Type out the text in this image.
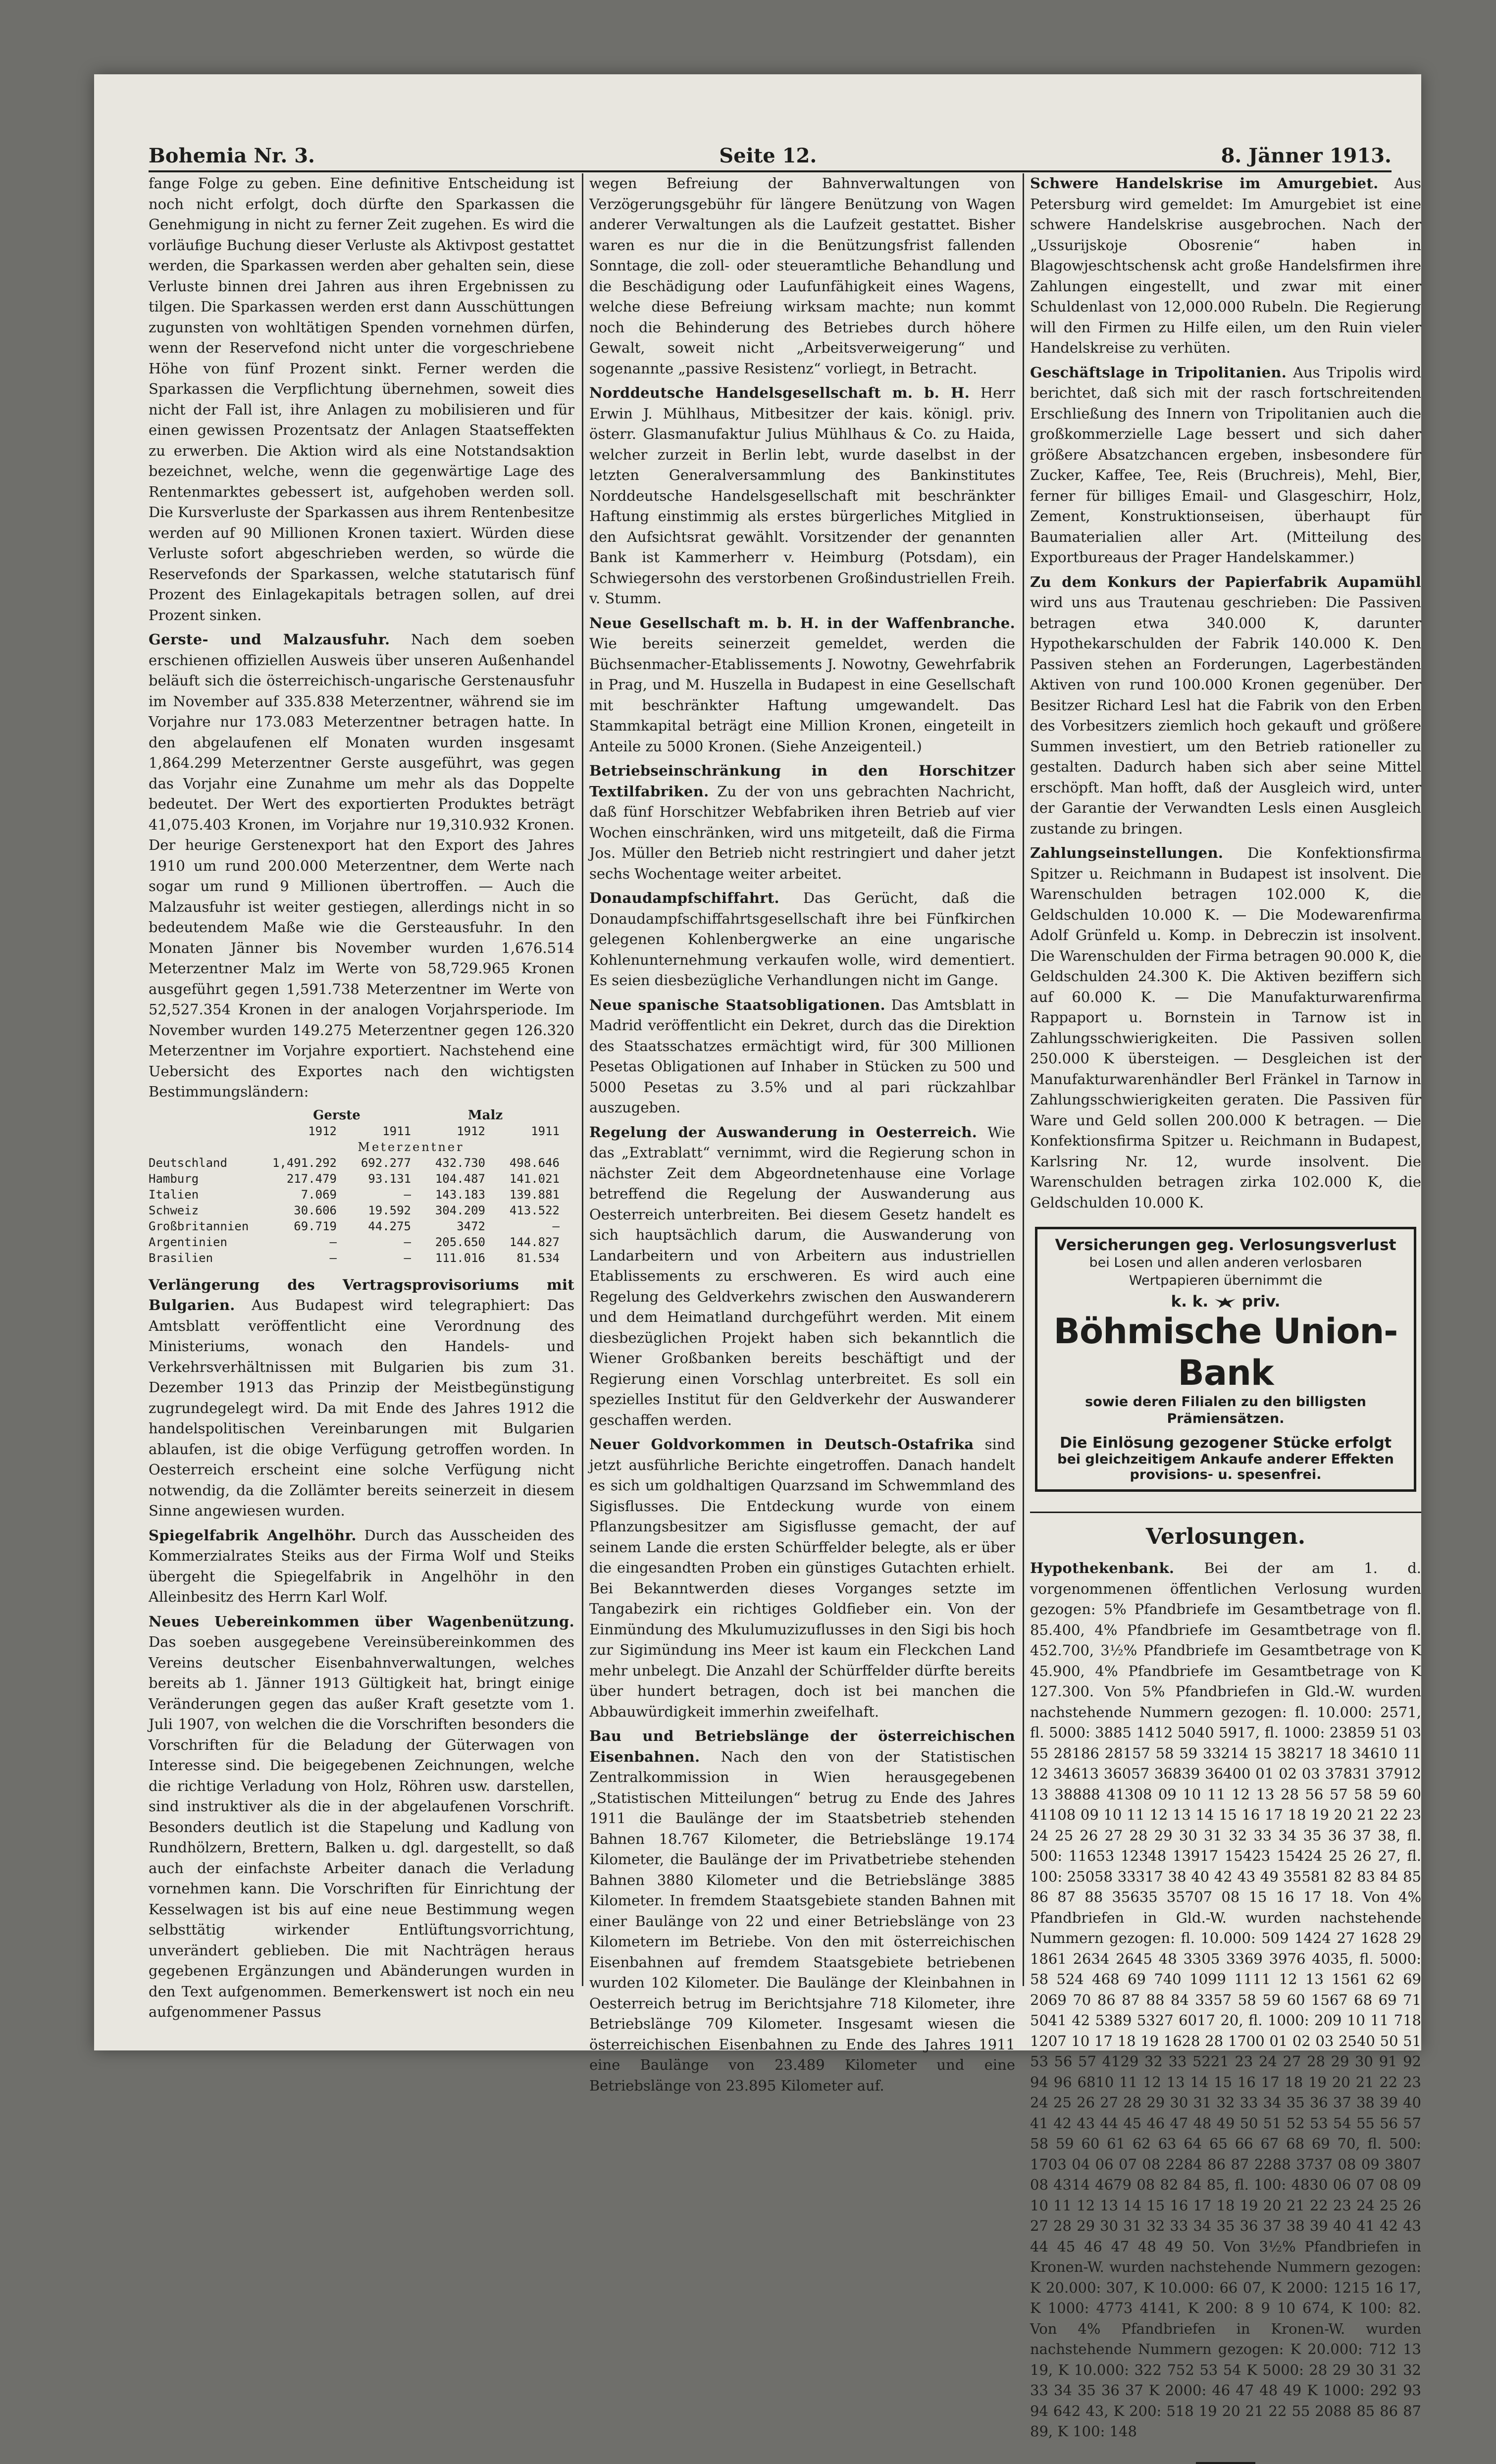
Bohemia Nr. 3.	Seite 12.	8. Jänner 1913.

fange Folge zu geben. Eine definitive Entscheidung ist noch nicht erfolgt, doch dürfte den Sparkassen die Genehmigung in nicht zu ferner Zeit zugehen. Es wird die vorläufige Buchung dieser Verluste als Aktivpost gestattet werden, die Sparkassen werden aber gehalten sein, diese Verluste binnen drei Jahren aus ihren Ergebnissen zu tilgen. Die Sparkassen werden erst dann Ausschüttungen zugunsten von wohltätigen Spenden vornehmen dürfen, wenn der Reservefond nicht unter die vorgeschriebene Höhe von fünf Prozent sinkt. Ferner werden die Sparkassen die Verpflichtung übernehmen, soweit dies nicht der Fall ist, ihre Anlagen zu mobilisieren und für einen gewissen Prozentsatz der Anlagen Staatseffekten zu erwerben. Die Aktion wird als eine Notstandsaktion bezeichnet, welche, wenn die gegenwärtige Lage des Rentenmarktes gebessert ist, aufgehoben werden soll. Die Kursverluste der Sparkassen aus ihrem Rentenbesitze werden auf 90 Millionen Kronen taxiert. Würden diese Verluste sofort abgeschrieben werden, so würde die Reservefonds der Sparkassen, welche statutarisch fünf Prozent des Einlagekapitals betragen sollen, auf drei Prozent sinken.

Gerste- und Malzausfuhr. Nach dem soeben erschienen offiziellen Ausweis über unseren Außenhandel beläuft sich die österreichisch-ungarische Gerstenausfuhr im November auf 335.838 Meterzentner, während sie im Vorjahre nur 173.083 Meterzentner betragen hatte. In den abgelaufenen elf Monaten wurden insgesamt 1,864.299 Meterzentner Gerste ausgeführt, was gegen das Vorjahr eine Zunahme um mehr als das Doppelte bedeutet. Der Wert des exportierten Produktes beträgt 41,075.403 Kronen, im Vorjahre nur 19,310.932 Kronen. Der heurige Gerstenexport hat den Export des Jahres 1910 um rund 200.000 Meterzentner, dem Werte nach sogar um rund 9 Millionen übertroffen. — Auch die Malzausfuhr ist weiter gestiegen, allerdings nicht in so bedeutendem Maße wie die Gersteausfuhr. In den Monaten Jänner bis November wurden 1,676.514 Meterzentner Malz im Werte von 58,729.965 Kronen ausgeführt gegen 1,591.738 Meterzentner im Werte von 52,527.354 Kronen in der analogen Vorjahrsperiode. Im November wurden 149.275 Meterzentner gegen 126.320 Meterzentner im Vorjahre exportiert. Nachstehend eine Uebersicht des Exportes nach den wichtigsten Bestimmungsländern:

Gerste	Malz
1912	1911	1912	1911
Meterzentner
Deutschland	1,491.292	692.277	432.730	498.646
Hamburg	217.479	93.131	104.487	141.021
Italien	7.069	—	143.183	139.881
Schweiz	30.606	19.592	304.209	413.522
Großbritannien	69.719	44.275	3472	—
Argentinien	—	—	205.650	144.827
Brasilien	—	—	111.016	81.534

Verlängerung des Vertragsprovisoriums mit Bulgarien. Aus Budapest wird telegraphiert: Das Amtsblatt veröffentlicht eine Verordnung des Ministeriums, wonach den Handels- und Verkehrsverhältnissen mit Bulgarien bis zum 31. Dezember 1913 das Prinzip der Meistbegünstigung zugrundegelegt wird. Da mit Ende des Jahres 1912 die handelspolitischen Vereinbarungen mit Bulgarien ablaufen, ist die obige Verfügung getroffen worden. In Oesterreich erscheint eine solche Verfügung nicht notwendig, da die Zollämter bereits seinerzeit in diesem Sinne angewiesen wurden.

Spiegelfabrik Angelhöhr. Durch das Ausscheiden des Kommerzialrates Steiks aus der Firma Wolf und Steiks übergeht die Spiegelfabrik in Angelhöhr in den Alleinbesitz des Herrn Karl Wolf.

Neues Uebereinkommen über Wagenbenützung. Das soeben ausgegebene Vereinsübereinkommen des Vereins deutscher Eisenbahnverwaltungen, welches bereits ab 1. Jänner 1913 Gültigkeit hat, bringt einige Veränderungen gegen das außer Kraft gesetzte vom 1. Juli 1907, von welchen die die Vorschriften besonders die Vorschriften für die Beladung der Güterwagen von Interesse sind. Die beigegebenen Zeichnungen, welche die richtige Verladung von Holz, Röhren usw. darstellen, sind instruktiver als die in der abgelaufenen Vorschrift. Besonders deutlich ist die Stapelung und Kadlung von Rundhölzern, Brettern, Balken u. dgl. dargestellt, so daß auch der einfachste Arbeiter danach die Verladung vornehmen kann. Die Vorschriften für Einrichtung der Kesselwagen ist bis auf eine neue Bestimmung wegen selbsttätig wirkender Entlüftungsvorrichtung, unverändert geblieben. Die mit Nachträgen heraus gegebenen Ergänzungen und Abänderungen wurden in den Text aufgenommen. Bemerkenswert ist noch ein neu aufgenommener Passus

wegen Befreiung der Bahnverwaltungen von Verzögerungsgebühr für längere Benützung von Wagen anderer Verwaltungen als die Laufzeit gestattet. Bisher waren es nur die in die Benützungsfrist fallenden Sonntage, die zoll- oder steueramtliche Behandlung und die Beschädigung oder Laufunfähigkeit eines Wagens, welche diese Befreiung wirksam machte; nun kommt noch die Behinderung des Betriebes durch höhere Gewalt, soweit nicht „Arbeitsverweigerung“ und sogenannte „passive Resistenz“ vorliegt, in Betracht.

Norddeutsche Handelsgesellschaft m. b. H. Herr Erwin J. Mühlhaus, Mitbesitzer der kais. königl. priv. österr. Glasmanufaktur Julius Mühlhaus & Co. zu Haida, welcher zurzeit in Berlin lebt, wurde daselbst in der letzten Generalversammlung des Bankinstitutes Norddeutsche Handelsgesellschaft mit beschränkter Haftung einstimmig als erstes bürgerliches Mitglied in den Aufsichtsrat gewählt. Vorsitzender der genannten Bank ist Kammerherr v. Heimburg (Potsdam), ein Schwiegersohn des verstorbenen Großindustriellen Freih. v. Stumm.

Neue Gesellschaft m. b. H. in der Waffenbranche. Wie bereits seinerzeit gemeldet, werden die Büchsenmacher-Etablissements J. Nowotny, Gewehrfabrik in Prag, und M. Huszella in Budapest in eine Gesellschaft mit beschränkter Haftung umgewandelt. Das Stammkapital beträgt eine Million Kronen, eingeteilt in Anteile zu 5000 Kronen. (Siehe Anzeigenteil.)

Betriebseinschränkung in den Horschitzer Textilfabriken. Zu der von uns gebrachten Nachricht, daß fünf Horschitzer Webfabriken ihren Betrieb auf vier Wochen einschränken, wird uns mitgeteilt, daß die Firma Jos. Müller den Betrieb nicht restringiert und daher jetzt sechs Wochentage weiter arbeitet.

Donaudampfschiffahrt. Das Gerücht, daß die Donaudampfschiffahrtsgesellschaft ihre bei Fünfkirchen gelegenen Kohlenbergwerke an eine ungarische Kohlenunternehmung verkaufen wolle, wird dementiert. Es seien diesbezügliche Verhandlungen nicht im Gange.

Neue spanische Staatsobligationen. Das Amtsblatt in Madrid veröffentlicht ein Dekret, durch das die Direktion des Staatsschatzes ermächtigt wird, für 300 Millionen Pesetas Obligationen auf Inhaber in Stücken zu 500 und 5000 Pesetas zu 3.5% und al pari rückzahlbar auszugeben.

Regelung der Auswanderung in Oesterreich. Wie das „Extrablatt“ vernimmt, wird die Regierung schon in nächster Zeit dem Abgeordnetenhause eine Vorlage betreffend die Regelung der Auswanderung aus Oesterreich unterbreiten. Bei diesem Gesetz handelt es sich hauptsächlich darum, die Auswanderung von Landarbeitern und von Arbeitern aus industriellen Etablissements zu erschweren. Es wird auch eine Regelung des Geldverkehrs zwischen den Auswanderern und dem Heimatland durchgeführt werden. Mit einem diesbezüglichen Projekt haben sich bekanntlich die Wiener Großbanken bereits beschäftigt und der Regierung einen Vorschlag unterbreitet. Es soll ein spezielles Institut für den Geldverkehr der Auswanderer geschaffen werden.

Neuer Goldvorkommen in Deutsch-Ostafrika sind jetzt ausführliche Berichte eingetroffen. Danach handelt es sich um goldhaltigen Quarzsand im Schwemmland des Sigisflusses. Die Entdeckung wurde von einem Pflanzungsbesitzer am Sigisflusse gemacht, der auf seinem Lande die ersten Schürffelder belegte, als er über die eingesandten Proben ein günstiges Gutachten erhielt. Bei Bekanntwerden dieses Vorganges setzte im Tangabezirk ein richtiges Goldfieber ein. Von der Einmündung des Mkulumuzizuflusses in den Sigi bis hoch zur Sigimündung ins Meer ist kaum ein Fleckchen Land mehr unbelegt. Die Anzahl der Schürffelder dürfte bereits über hundert betragen, doch ist bei manchen die Abbauwürdigkeit immerhin zweifelhaft.

Bau und Betriebslänge der österreichischen Eisenbahnen. Nach den von der Statistischen Zentralkommission in Wien herausgegebenen „Statistischen Mitteilungen“ betrug zu Ende des Jahres 1911 die Baulänge der im Staatsbetrieb stehenden Bahnen 18.767 Kilometer, die Betriebslänge 19.174 Kilometer, die Baulänge der im Privatbetriebe stehenden Bahnen 3880 Kilometer und die Betriebslänge 3885 Kilometer. In fremdem Staatsgebiete standen Bahnen mit einer Baulänge von 22 und einer Betriebslänge von 23 Kilometern im Betriebe. Von den mit österreichischen Eisenbahnen auf fremdem Staatsgebiete betriebenen wurden 102 Kilometer. Die Baulänge der Kleinbahnen in Oesterreich betrug im Berichtsjahre 718 Kilometer, ihre Betriebslänge 709 Kilometer. Insgesamt wiesen die österreichischen Eisenbahnen zu Ende des Jahres 1911 eine Baulänge von 23.489 Kilometer und eine Betriebslänge von 23.895 Kilometer auf.

Schwere Handelskrise im Amurgebiet. Aus Petersburg wird gemeldet: Im Amurgebiet ist eine schwere Handelskrise ausgebrochen. Nach der „Ussurijskoje Obosrenie“ haben in Blagowjeschtschensk acht große Handelsfirmen ihre Zahlungen eingestellt, und zwar mit einer Schuldenlast von 12,000.000 Rubeln. Die Regierung will den Firmen zu Hilfe eilen, um den Ruin vieler Handelskreise zu verhüten.

Geschäftslage in Tripolitanien. Aus Tripolis wird berichtet, daß sich mit der rasch fortschreitenden Erschließung des Innern von Tripolitanien auch die großkommerzielle Lage bessert und sich daher größere Absatzchancen ergeben, insbesondere für Zucker, Kaffee, Tee, Reis (Bruchreis), Mehl, Bier, ferner für billiges Email- und Glasgeschirr, Holz, Zement, Konstruktionseisen, überhaupt für Baumaterialien aller Art. (Mitteilung des Exportbureaus der Prager Handelskammer.)

Zu dem Konkurs der Papierfabrik Aupamühl wird uns aus Trautenau geschrieben: Die Passiven betragen etwa 340.000 K, darunter Hypothekarschulden der Fabrik 140.000 K. Den Passiven stehen an Forderungen, Lagerbeständen Aktiven von rund 100.000 Kronen gegenüber. Der Besitzer Richard Lesl hat die Fabrik von den Erben des Vorbesitzers ziemlich hoch gekauft und größere Summen investiert, um den Betrieb rationeller zu gestalten. Dadurch haben sich aber seine Mittel erschöpft. Man hofft, daß der Ausgleich wird, unter der Garantie der Verwandten Lesls einen Ausgleich zustande zu bringen.

Zahlungseinstellungen. Die Konfektionsfirma Spitzer u. Reichmann in Budapest ist insolvent. Die Warenschulden betragen 102.000 K, die Geldschulden 10.000 K. — Die Modewarenfirma Adolf Grünfeld u. Komp. in Debreczin ist insolvent. Die Warenschulden der Firma betragen 90.000 K, die Geldschulden 24.300 K. Die Aktiven beziffern sich auf 60.000 K. — Die Manufakturwarenfirma Rappaport u. Bornstein in Tarnow ist in Zahlungsschwierigkeiten. Die Passiven sollen 250.000 K übersteigen. — Desgleichen ist der Manufakturwarenhändler Berl Fränkel in Tarnow in Zahlungsschwierigkeiten geraten. Die Passiven für Ware und Geld sollen 200.000 K betragen. — Die Konfektionsfirma Spitzer u. Reichmann in Budapest, Karlsring Nr. 12, wurde insolvent. Die Warenschulden betragen zirka 102.000 K, die Geldschulden 10.000 K.

Versicherungen geg. Verlosungsverlust
bei Losen und allen anderen verlosbaren Wertpapieren übernimmt die
k. k. priv.
Böhmische Union-Bank
sowie deren Filialen zu den billigsten Prämiensätzen.
Die Einlösung gezogener Stücke erfolgt
bei gleichzeitigem Ankaufe anderer Effekten
provisions- u. spesenfrei.
Verlosungen.

Hypothekenbank. Bei der am 1. d. vorgenommenen öffentlichen Verlosung wurden gezogen: 5% Pfandbriefe im Gesamtbetrage von fl. 85.400, 4% Pfandbriefe im Gesamtbetrage von fl. 452.700, 3½% Pfandbriefe im Gesamtbetrage von K 45.900, 4% Pfandbriefe im Gesamtbetrage von K 127.300. Von 5% Pfandbriefen in Gld.-W. wurden nachstehende Nummern gezogen: fl. 10.000: 2571, fl. 5000: 3885 1412 5040 5917, fl. 1000: 23859 51 03 55 28186 28157 58 59 33214 15 38217 18 34610 11 12 34613 36057 36839 36400 01 02 03 37831 37912 13 38888 41308 09 10 11 12 13 28 56 57 58 59 60 41108 09 10 11 12 13 14 15 16 17 18 19 20 21 22 23 24 25 26 27 28 29 30 31 32 33 34 35 36 37 38, fl. 500: 11653 12348 13917 15423 15424 25 26 27, fl. 100: 25058 33317 38 40 42 43 49 35581 82 83 84 85 86 87 88 35635 35707 08 15 16 17 18. Von 4% Pfandbriefen in Gld.-W. wurden nachstehende Nummern gezogen: fl. 10.000: 509 1424 27 1628 29 1861 2634 2645 48 3305 3369 3976 4035, fl. 5000: 58 524 468 69 740 1099 1111 12 13 1561 62 69 2069 70 86 87 88 84 3357 58 59 60 1567 68 69 71 5041 42 5389 5327 6017 20, fl. 1000: 209 10 11 718 1207 10 17 18 19 1628 28 1700 01 02 03 2540 50 51 53 56 57 4129 32 33 5221 23 24 27 28 29 30 91 92 94 96 6810 11 12 13 14 15 16 17 18 19 20 21 22 23 24 25 26 27 28 29 30 31 32 33 34 35 36 37 38 39 40 41 42 43 44 45 46 47 48 49 50 51 52 53 54 55 56 57 58 59 60 61 62 63 64 65 66 67 68 69 70, fl. 500: 1703 04 06 07 08 2284 86 87 2288 3737 08 09 3807 08 4314 4679 08 82 84 85, fl. 100: 4830 06 07 08 09 10 11 12 13 14 15 16 17 18 19 20 21 22 23 24 25 26 27 28 29 30 31 32 33 34 35 36 37 38 39 40 41 42 43 44 45 46 47 48 49 50. Von 3½% Pfandbriefen in Kronen-W. wurden nachstehende Nummern gezogen: K 20.000: 307, K 10.000: 66 07, K 2000: 1215 16 17, K 1000: 4773 4141, K 200: 8 9 10 674, K 100: 82. Von 4% Pfandbriefen in Kronen-W. wurden nachstehende Nummern gezogen: K 20.000: 712 13 19, K 10.000: 322 752 53 54 K 5000: 28 29 30 31 32 33 34 35 36 37 K 2000: 46 47 48 49 K 1000: 292 93 94 642 43, K 200: 518 19 20 21 22 55 2088 85 86 87 89, K 100: 148
